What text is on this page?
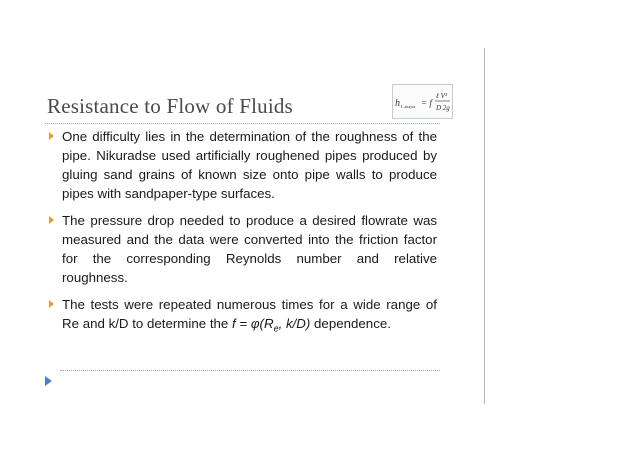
Resistance to Flow of Fluids	h L,major = f
ℓ V²
D 2g
One difficulty lies in the determination of the roughness of the pipe. Nikuradse used artificially roughened pipes produced by gluing sand grains of known size onto pipe walls to produce pipes with sandpaper-type surfaces.
The pressure drop needed to produce a desired flowrate was measured and the data were converted into the friction factor for the corresponding Reynolds number and relative roughness.
The tests were repeated numerous times for a wide range of Re and k/D to determine the $f = \varphi(R_e$, k/D) dependence.
